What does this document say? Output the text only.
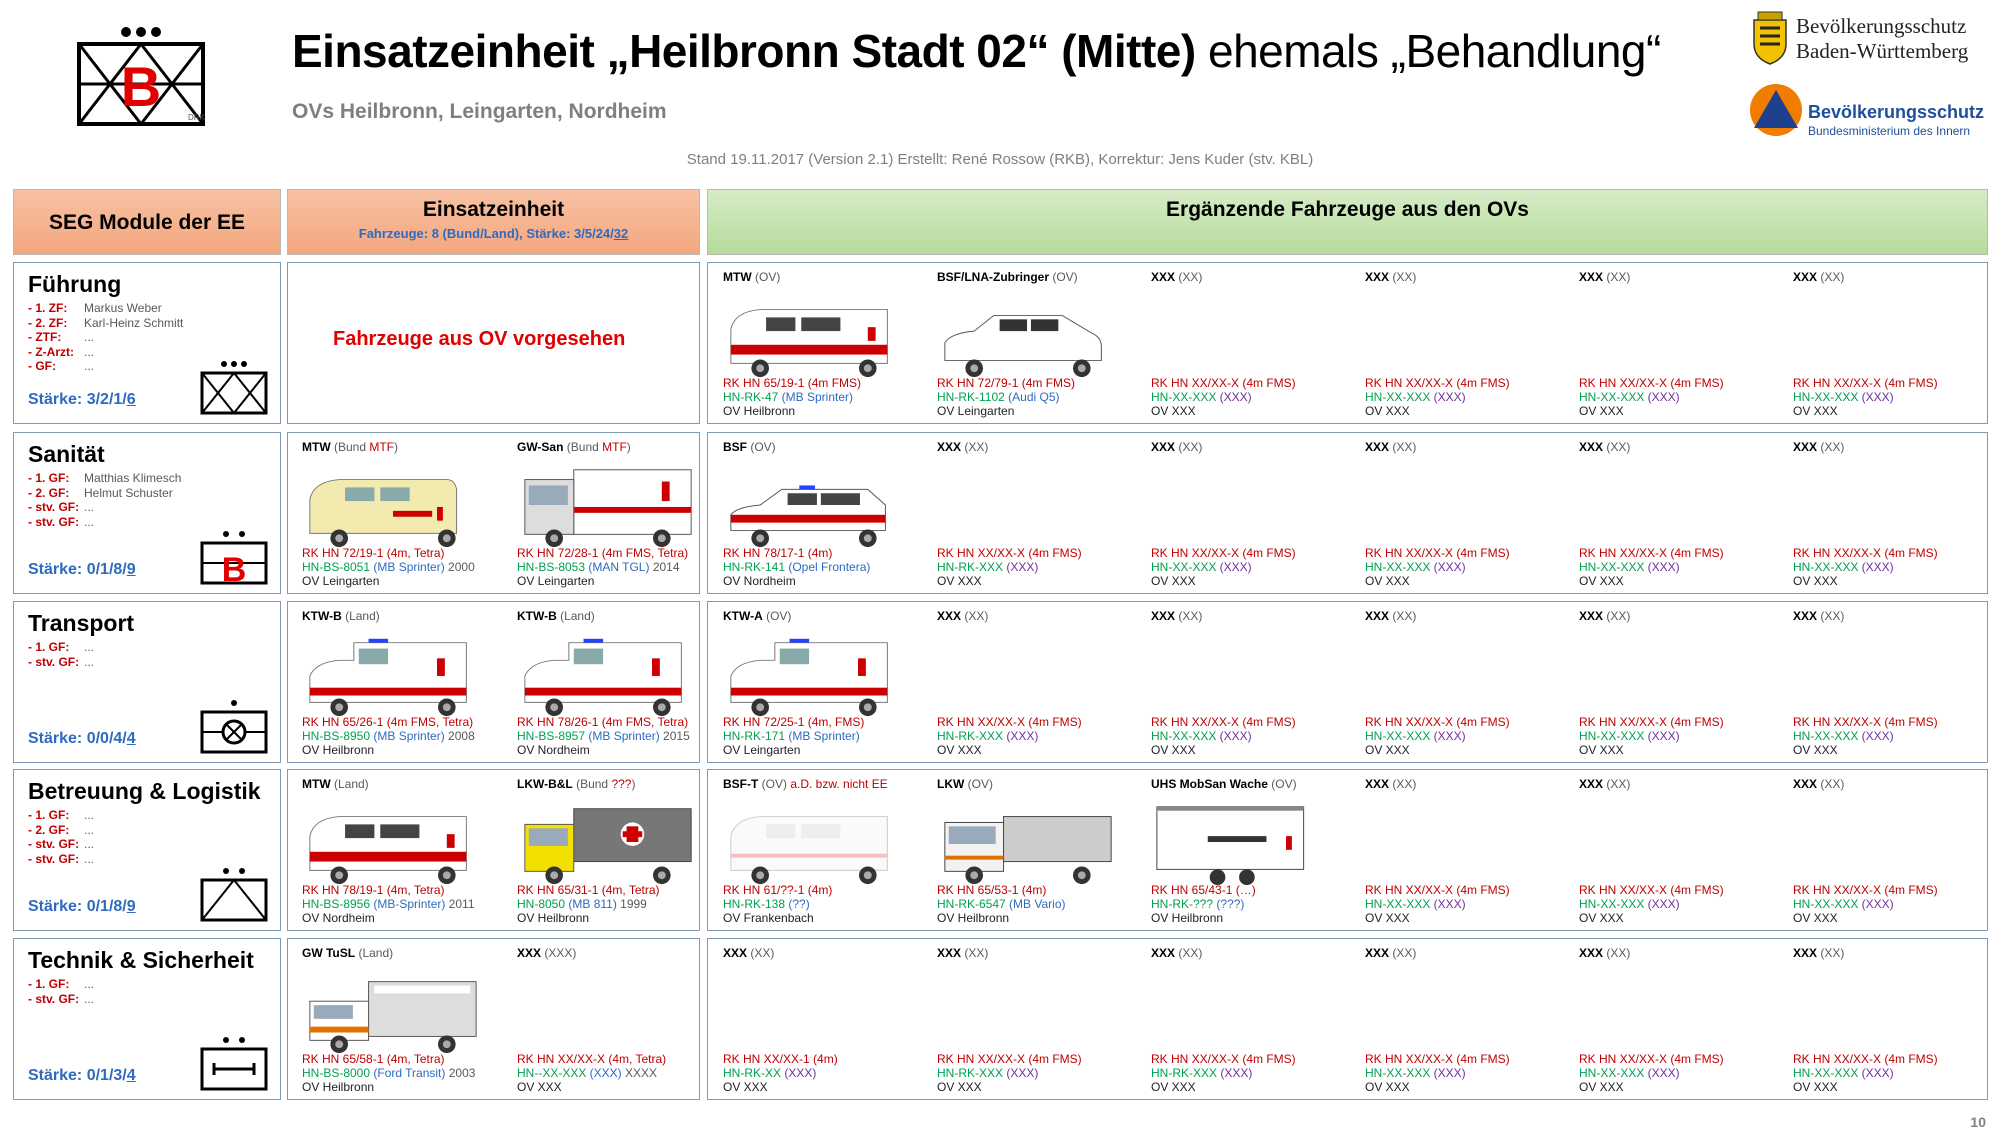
B	DRK
Einsatzeinheit „Heilbronn Stadt 02“ (Mitte) ehemals „Behandlung“
OVs Heilbronn, Leingarten, Nordheim
Stand 19.11.2017 (Version 2.1) Erstellt: René Rossow (RKB), Korrektur: Jens Kuder (stv. KBL)
Bevölkerungsschutz
Baden-Württemberg
Bevölkerungsschutz
Bundesministerium des Innern
SEG Module der EE
Einsatzeinheit
Fahrzeuge: 8 (Bund/Land), Stärke: 3/5/24/32
Ergänzende Fahrzeuge aus den OVs
Führung
- 1. ZF: Markus Weber
- 2. ZF: Karl-Heinz Schmitt
- ZTF: ...
- Z-Arzt: ...
- GF: ...
Stärke: 3/2/1/6
MTW (OV)
RK HN 65/19-1 (4m FMS)
HN-RK-47 (MB Sprinter)
OV Heilbronn
BSF/LNA-Zubringer (OV)
RK HN 72/79-1 (4m FMS)
HN-RK-1102 (Audi Q5)
OV Leingarten
XXX (XX)
RK HN XX/XX-X (4m FMS)
HN-XX-XXX (XXX)
OV XXX
XXX (XX)
RK HN XX/XX-X (4m FMS)
HN-XX-XXX (XXX)
OV XXX
XXX (XX)
RK HN XX/XX-X (4m FMS)
HN-XX-XXX (XXX)
OV XXX
XXX (XX)
RK HN XX/XX-X (4m FMS)
HN-XX-XXX (XXX)
OV XXX
Sanität
- 1. GF: Matthias Klimesch
- 2. GF: Helmut Schuster
- stv. GF: ...
- stv. GF: ...
Stärke: 0/1/8/9	B
MTW (Bund MTF)
RK HN 72/19-1 (4m, Tetra)
HN-BS-8051 (MB Sprinter) 2000
OV Leingarten
GW-San (Bund MTF)
RK HN 72/28-1 (4m FMS, Tetra)
HN-BS-8053 (MAN TGL) 2014
OV Leingarten
BSF (OV)
RK HN 78/17-1 (4m)
HN-RK-141 (Opel Frontera)
OV Nordheim
XXX (XX)
RK HN XX/XX-X (4m FMS)
HN-RK-XXX (XXX)
OV XXX
XXX (XX)
RK HN XX/XX-X (4m FMS)
HN-XX-XXX (XXX)
OV XXX
XXX (XX)
RK HN XX/XX-X (4m FMS)
HN-XX-XXX (XXX)
OV XXX
XXX (XX)
RK HN XX/XX-X (4m FMS)
HN-XX-XXX (XXX)
OV XXX
XXX (XX)
RK HN XX/XX-X (4m FMS)
HN-XX-XXX (XXX)
OV XXX
Transport
- 1. GF: ...
- stv. GF: ...
Stärke: 0/0/4/4
KTW-B (Land)
RK HN 65/26-1 (4m FMS, Tetra)
HN-BS-8950 (MB Sprinter) 2008
OV Heilbronn
KTW-B (Land)
RK HN 78/26-1 (4m FMS, Tetra)
HN-BS-8957 (MB Sprinter) 2015
OV Nordheim
KTW-A (OV)
RK HN 72/25-1 (4m, FMS)
HN-RK-171 (MB Sprinter)
OV Leingarten
XXX (XX)
RK HN XX/XX-X (4m FMS)
HN-RK-XXX (XXX)
OV XXX
XXX (XX)
RK HN XX/XX-X (4m FMS)
HN-XX-XXX (XXX)
OV XXX
XXX (XX)
RK HN XX/XX-X (4m FMS)
HN-XX-XXX (XXX)
OV XXX
XXX (XX)
RK HN XX/XX-X (4m FMS)
HN-XX-XXX (XXX)
OV XXX
XXX (XX)
RK HN XX/XX-X (4m FMS)
HN-XX-XXX (XXX)
OV XXX
Betreuung & Logistik
- 1. GF: ...
- 2. GF: ...
- stv. GF: ...
- stv. GF: ...
Stärke: 0/1/8/9
MTW (Land)
RK HN 78/19-1 (4m, Tetra)
HN-BS-8956 (MB-Sprinter) 2011
OV Nordheim
LKW-B&L (Bund ???)
RK HN 65/31-1 (4m, Tetra)
HN-8050 (MB 811) 1999
OV Heilbronn
BSF-T (OV) a.D. bzw. nicht EE
RK HN 61/??-1 (4m)
HN-RK-138 (??)
OV Frankenbach
LKW (OV)
RK HN 65/53-1 (4m)
HN-RK-6547 (MB Vario)
OV Heilbronn
UHS MobSan Wache (OV)
RK HN 65/43-1 (…)
HN-RK-??? (???)
OV Heilbronn
XXX (XX)
RK HN XX/XX-X (4m FMS)
HN-XX-XXX (XXX)
OV XXX
XXX (XX)
RK HN XX/XX-X (4m FMS)
HN-XX-XXX (XXX)
OV XXX
XXX (XX)
RK HN XX/XX-X (4m FMS)
HN-XX-XXX (XXX)
OV XXX
Technik & Sicherheit
- 1. GF: ...
- stv. GF: ...
Stärke: 0/1/3/4
GW TuSL (Land)
RK HN 65/58-1 (4m, Tetra)
HN-BS-8000 (Ford Transit) 2003
OV Heilbronn
XXX (XXX)
RK HN XX/XX-X (4m, Tetra)
HN--XX-XXX (XXX) XXXX
OV XXX
XXX (XX)
RK HN XX/XX-1 (4m)
HN-RK-XX (XXX)
OV XXX
XXX (XX)
RK HN XX/XX-X (4m FMS)
HN-RK-XXX (XXX)
OV XXX
XXX (XX)
RK HN XX/XX-X (4m FMS)
HN-RK-XXX (XXX)
OV XXX
XXX (XX)
RK HN XX/XX-X (4m FMS)
HN-XX-XXX (XXX)
OV XXX
XXX (XX)
RK HN XX/XX-X (4m FMS)
HN-XX-XXX (XXX)
OV XXX
XXX (XX)
RK HN XX/XX-X (4m FMS)
HN-XX-XXX (XXX)
OV XXX
Fahrzeuge aus OV vorgesehen
10
